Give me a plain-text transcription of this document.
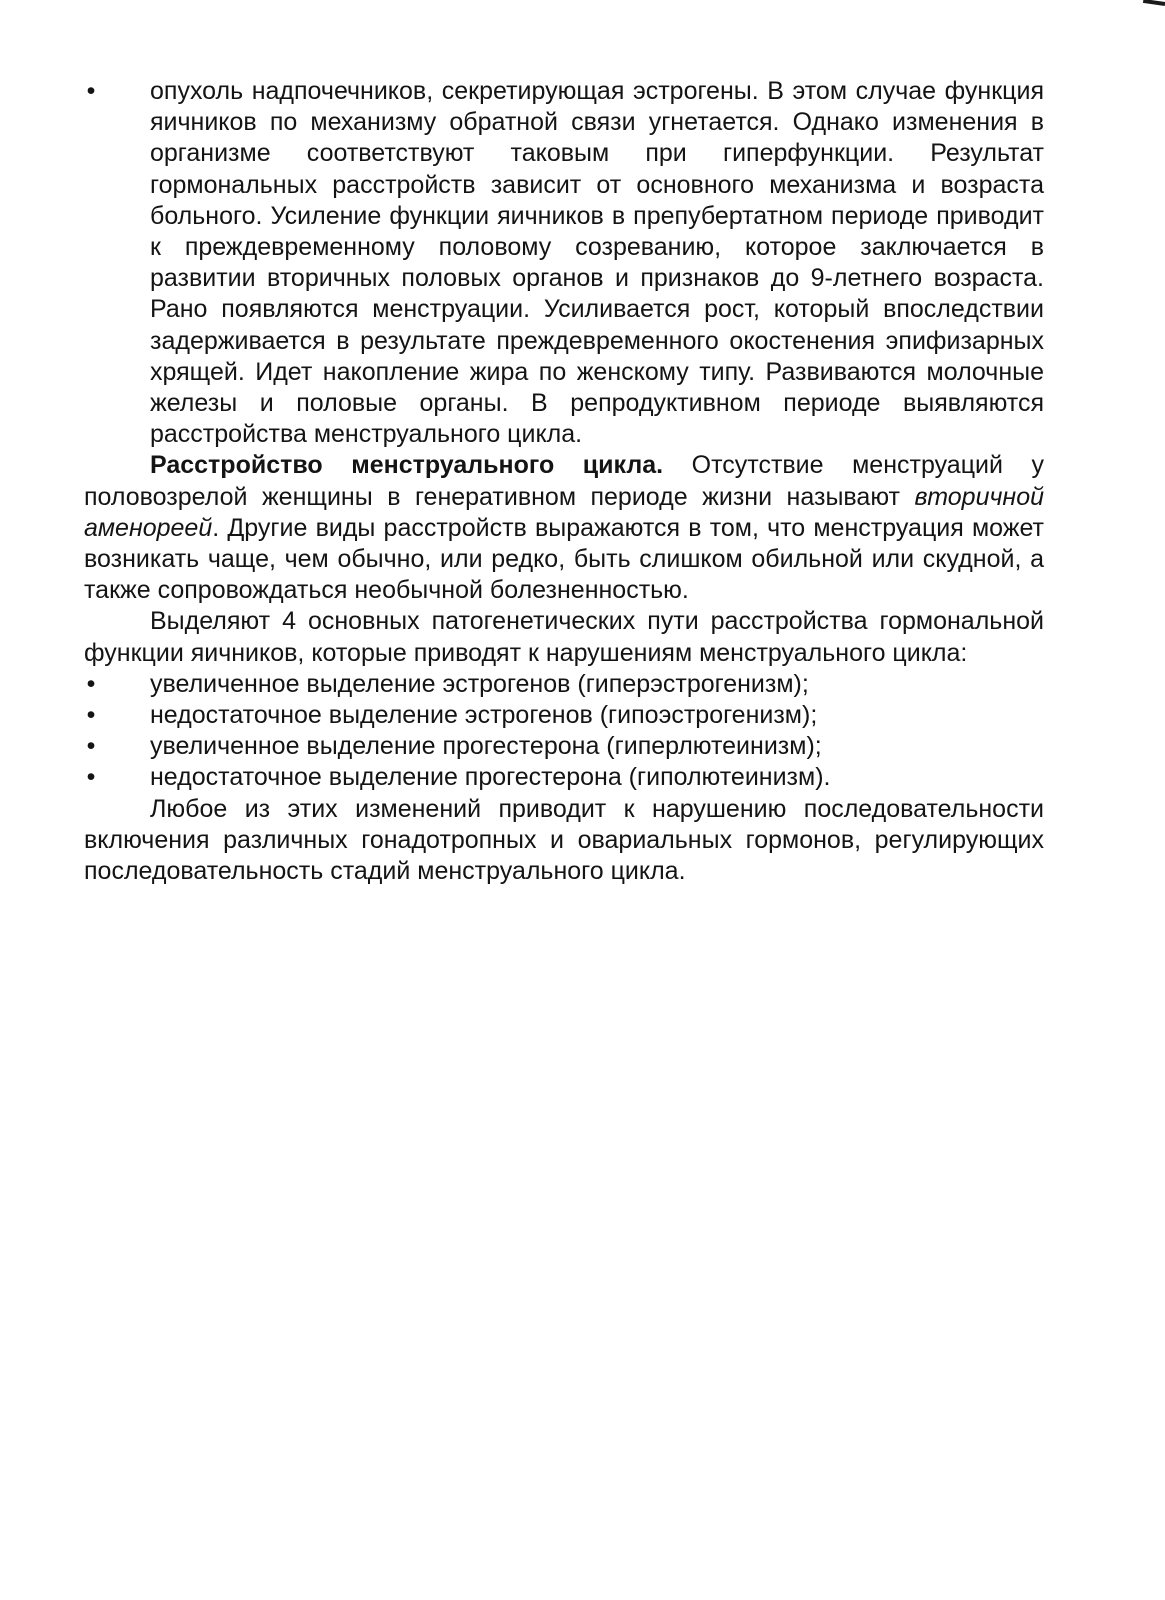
• опухоль надпочечников, секретирующая эстрогены. В этом случае функция яичников по механизму обратной связи угнетается. Однако изменения в организме соответствуют таковым при гиперфункции. Результат гормональных расстройств зависит от основного механизма и возраста больного. Усиление функции яичников в препубертатном периоде приводит к преждевременному половому созреванию, которое заключается в развитии вторичных половых органов и признаков до 9-летнего возраста. Рано появляются менструации. Усиливается рост, который впоследствии задерживается в результате преждевременного окостенения эпифизарных хрящей. Идет накопление жира по женскому типу. Развиваются молочные железы и половые органы. В репродуктивном периоде выявляются расстройства менструального цикла.

Расстройство менструального цикла. Отсутствие менструаций у половозрелой женщины в генеративном периоде жизни называют вторичной аменореей. Другие виды расстройств выражаются в том, что менструация может возникать чаще, чем обычно, или редко, быть слишком обильной или скудной, а также сопровождаться необычной болезненностью.

Выделяют 4 основных патогенетических пути расстройства гормональной функции яичников, которые приводят к нарушениям менструального цикла:

• увеличенное выделение эстрогенов (гиперэстрогенизм);
• недостаточное выделение эстрогенов (гипоэстрогенизм);
• увеличенное выделение прогестерона (гиперлютеинизм);
• недостаточное выделение прогестерона (гиполютеинизм).

Любое из этих изменений приводит к нарушению последовательности включения различных гонадотропных и овариальных гормонов, регулирующих последовательность стадий менструального цикла.
